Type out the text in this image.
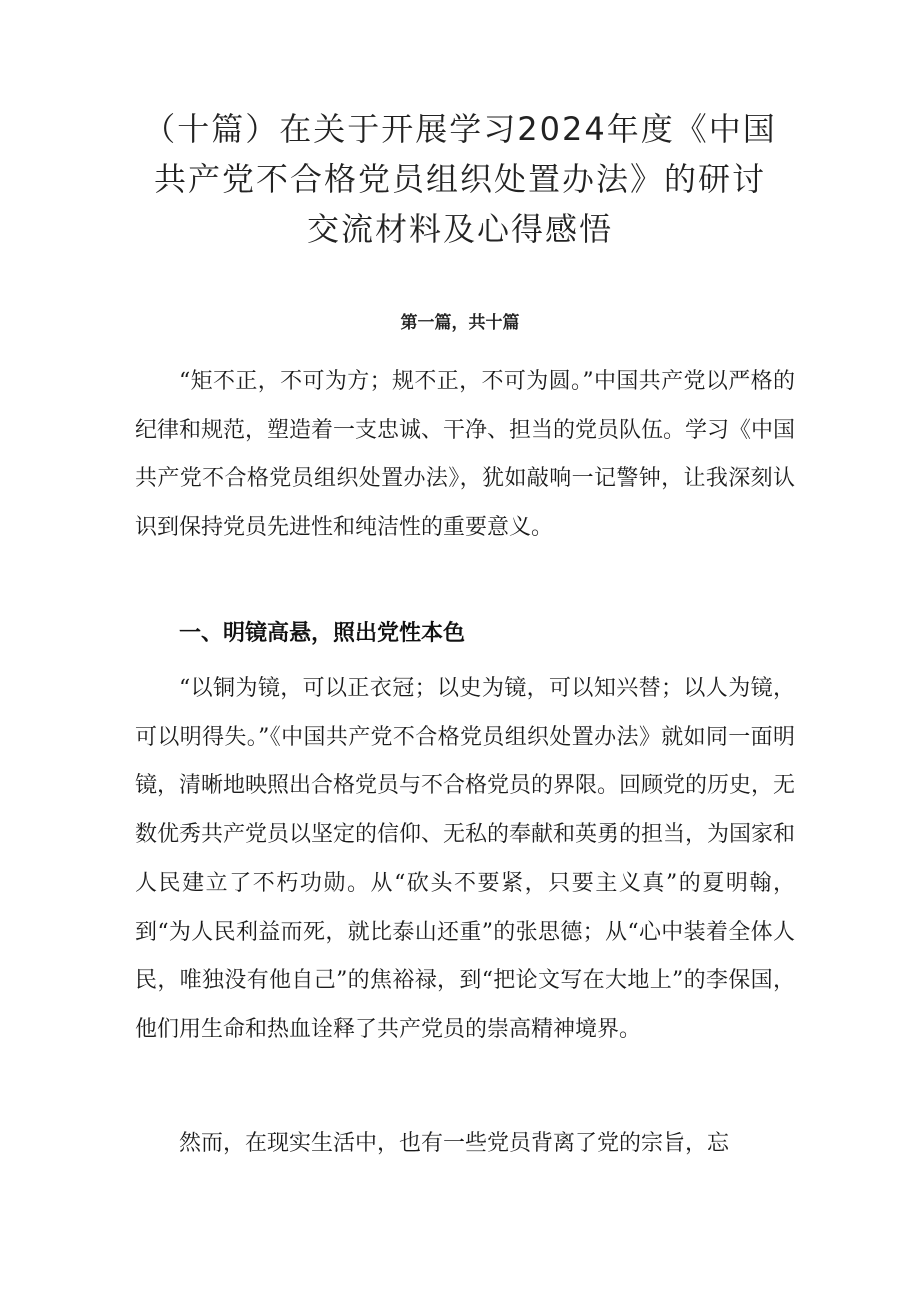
（十篇）在关于开展学习2024年度《中国
共产党不合格党员组织处置办法》的研讨
交流材料及心得感悟
第一篇，共十篇

“矩不正，不可为方；规不正，不可为圆。”中国共产党以严格的纪律和规范，塑造着一支忠诚、干净、担当的党员队伍。学习《中国共产党不合格党员组织处置办法》，犹如敲响一记警钟，让我深刻认识到保持党员先进性和纯洁性的重要意义。

一、明镜高悬，照出党性本色

“以铜为镜，可以正衣冠；以史为镜，可以知兴替；以人为镜，可以明得失。”《中国共产党不合格党员组织处置办法》就如同一面明镜，清晰地映照出合格党员与不合格党员的界限。回顾党的历史，无数优秀共产党员以坚定的信仰、无私的奉献和英勇的担当，为国家和人民建立了不朽功勋。从“砍头不要紧，只要主义真”的夏明翰，到“为人民利益而死，就比泰山还重”的张思德；从“心中装着全体人民，唯独没有他自己”的焦裕禄，到“把论文写在大地上”的李保国，他们用生命和热血诠释了共产党员的崇高精神境界。

然而，在现实生活中，也有一些党员背离了党的宗旨，忘
